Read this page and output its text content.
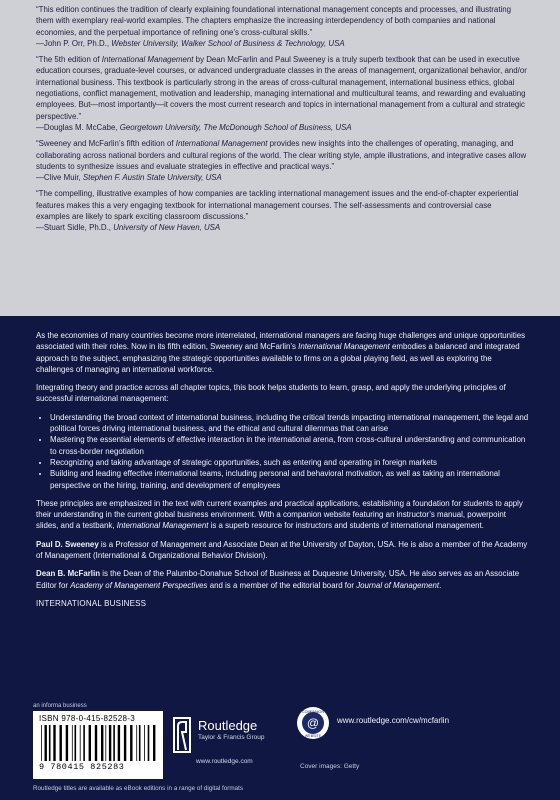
“This edition continues the tradition of clearly explaining foundational international management concepts and processes, and illustrating them with exemplary real-world examples. The chapters emphasize the increasing interdependency of both companies and national economies, and the perpetual importance of refining one’s cross-cultural skills.”

—John P. Orr, Ph.D., Webster University, Walker School of Business & Technology, USA

“The 5th edition of International Management by Dean McFarlin and Paul Sweeney is a truly superb textbook that can be used in executive education courses, graduate-level courses, or advanced undergraduate classes in the areas of management, organizational behavior, and/or international business. This textbook is particularly strong in the areas of cross-cultural management, international business ethics, global negotiations, conflict management, motivation and leadership, managing international and multicultural teams, and rewarding and evaluating employees. But—most importantly—it covers the most current research and topics in international management from a cultural and strategic perspective.”

—Douglas M. McCabe, Georgetown University, The McDonough School of Business, USA

“Sweeney and McFarlin’s fifth edition of International Management provides new insights into the challenges of operating, managing, and collaborating across national borders and cultural regions of the world. The clear writing style, ample illustrations, and integrative cases allow students to synthesize issues and evaluate strategies in effective and practical ways.”

—Clive Muir, Stephen F. Austin State University, USA

“The compelling, illustrative examples of how companies are tackling international management issues and the end-of-chapter experiential features makes this a very engaging textbook for international management courses. The self-assessments and controversial case examples are likely to spark exciting classroom discussions.”

—Stuart Sidle, Ph.D., University of New Haven, USA

As the economies of many countries become more interrelated, international managers are facing huge challenges and unique opportunities associated with their roles. Now in its fifth edition, Sweeney and McFarlin’s International Management embodies a balanced and integrated approach to the subject, emphasizing the strategic opportunities available to firms on a global playing field, as well as exploring the challenges of managing an international workforce.

Integrating theory and practice across all chapter topics, this book helps students to learn, grasp, and apply the underlying principles of successful international management:

• Understanding the broad context of international business, including the critical trends impacting international management, the legal and political forces driving international business, and the ethical and cultural dilemmas that can arise
• Mastering the essential elements of effective interaction in the international arena, from cross-cultural understanding and communication to cross-border negotiation
• Recognizing and taking advantage of strategic opportunities, such as entering and operating in foreign markets
• Building and leading effective international teams, including personal and behavioral motivation, as well as taking an international perspective on the hiring, training, and development of employees

These principles are emphasized in the text with current examples and practical applications, establishing a foundation for students to apply their understanding in the current global business environment. With a companion website featuring an instructor’s manual, powerpoint slides, and a testbank, International Management is a superb resource for instructors and students of international management.

Paul D. Sweeney is a Professor of Management and Associate Dean at the University of Dayton, USA. He is also a member of the Academy of Management (International & Organizational Behavior Division).

Dean B. McFarlin is the Dean of the Palumbo-Donahue School of Business at Duquesne University, USA. He also serves as an Associate Editor for Academy of Management Perspectives and is a member of the editorial board for Journal of Management.

INTERNATIONAL BUSINESS
an informa business
ISBN 978-0-415-82528-3
9 780415 825283
Routledge
Taylor & Francis Group
www.routledge.com
@
COMPANION
WEBSITE
www.routledge.com/cw/mcfarlin
Cover images: Getty
Routledge titles are available as eBook editions in a range of digital formats
